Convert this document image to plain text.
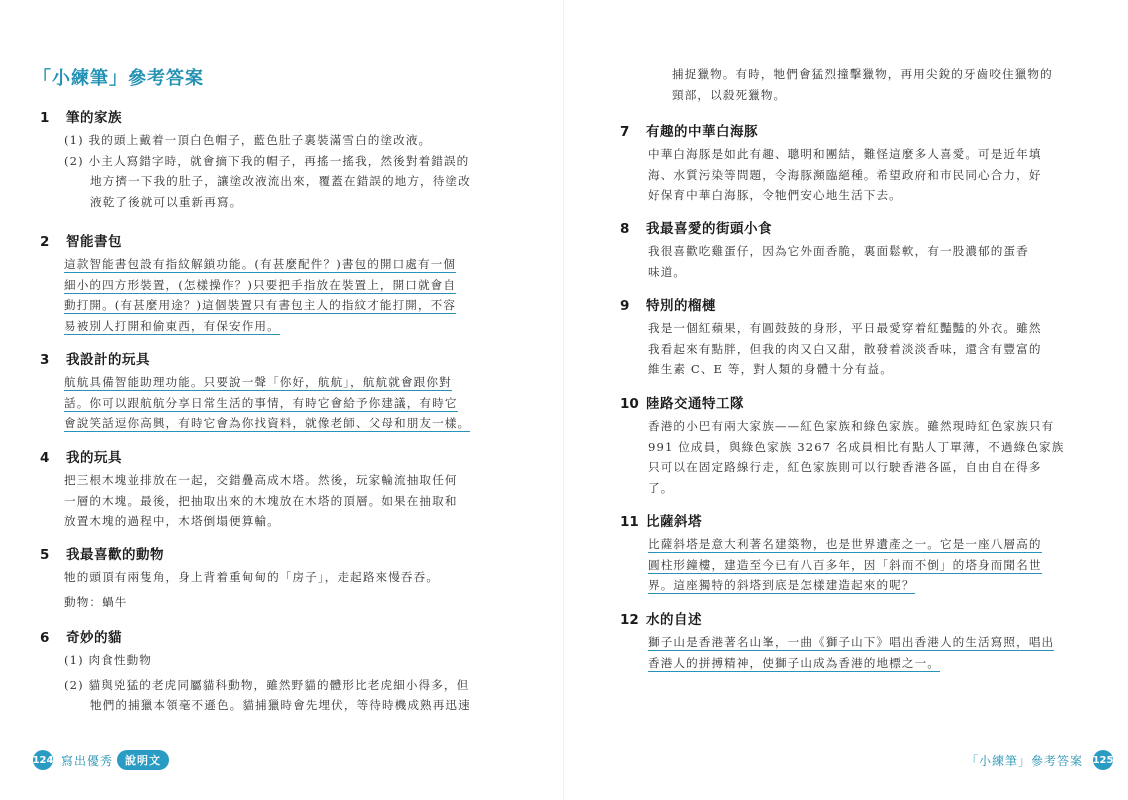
「小練筆」參考答案
1	筆的家族
(1) 我的頭上戴着一頂白色帽子，藍色肚子裏裝滿雪白的塗改液。
(2) 小主人寫錯字時，就會摘下我的帽子，再搖一搖我，然後對着錯誤的
地方擠一下我的肚子，讓塗改液流出來，覆蓋在錯誤的地方，待塗改
液乾了後就可以重新再寫。
2	智能書包
這款智能書包設有指紋解鎖功能。(有甚麼配件？)書包的開口處有一個
細小的四方形裝置，(怎樣操作？)只要把手指放在裝置上，開口就會自
動打開。(有甚麼用途？)這個裝置只有書包主人的指紋才能打開，不容
易被別人打開和偷東西，有保安作用。
3	我設計的玩具
航航具備智能助理功能。只要說一聲「你好，航航」，航航就會跟你對
話。你可以跟航航分享日常生活的事情，有時它會給予你建議，有時它
會說笑話逗你高興，有時它會為你找資料，就像老師、父母和朋友一樣。
4	我的玩具
把三根木塊並排放在一起，交錯疊高成木塔。然後，玩家輪流抽取任何
一層的木塊。最後，把抽取出來的木塊放在木塔的頂層。如果在抽取和
放置木塊的過程中，木塔倒塌便算輸。
5	我最喜歡的動物
牠的頭頂有兩隻角，身上背着重甸甸的「房子」，走起路來慢吞吞。
動物：蝸牛
6	奇妙的貓
(1) 肉食性動物
(2) 貓與兇猛的老虎同屬貓科動物，雖然野貓的體形比老虎細小得多，但
牠們的捕獵本領毫不遜色。貓捕獵時會先埋伏，等待時機成熟再迅速
124 寫出優秀	說明文
捕捉獵物。有時，牠們會猛烈撞擊獵物，再用尖銳的牙齒咬住獵物的
頸部，以殺死獵物。
7	有趣的中華白海豚
中華白海豚是如此有趣、聰明和團結，難怪這麼多人喜愛。可是近年填
海、水質污染等問題，令海豚瀕臨絕種。希望政府和市民同心合力，好
好保育中華白海豚，令牠們安心地生活下去。
8	我最喜愛的街頭小食
我很喜歡吃雞蛋仔，因為它外面香脆，裏面鬆軟，有一股濃郁的蛋香
味道。
9	特別的榴槤
我是一個紅蘋果，有圓鼓鼓的身形，平日最愛穿着紅豔豔的外衣。雖然
我看起來有點胖，但我的肉又白又甜，散發着淡淡香味，還含有豐富的
維生素 C、E 等，對人類的身體十分有益。
10 陸路交通特工隊
香港的小巴有兩大家族——紅色家族和綠色家族。雖然現時紅色家族只有
991 位成員，與綠色家族 3267 名成員相比有點人丁單薄，不過綠色家族
只可以在固定路線行走，紅色家族則可以行駛香港各區，自由自在得多
了。
11 比薩斜塔
比薩斜塔是意大利著名建築物，也是世界遺產之一。它是一座八層高的
圓柱形鐘樓，建造至今已有八百多年，因「斜而不倒」的塔身而聞名世
界。這座獨特的斜塔到底是怎樣建造起來的呢？
12 水的自述
獅子山是香港著名山峯，一曲《獅子山下》唱出香港人的生活寫照，唱出
香港人的拼搏精神，使獅子山成為香港的地標之一。
「小練筆」參考答案 125
